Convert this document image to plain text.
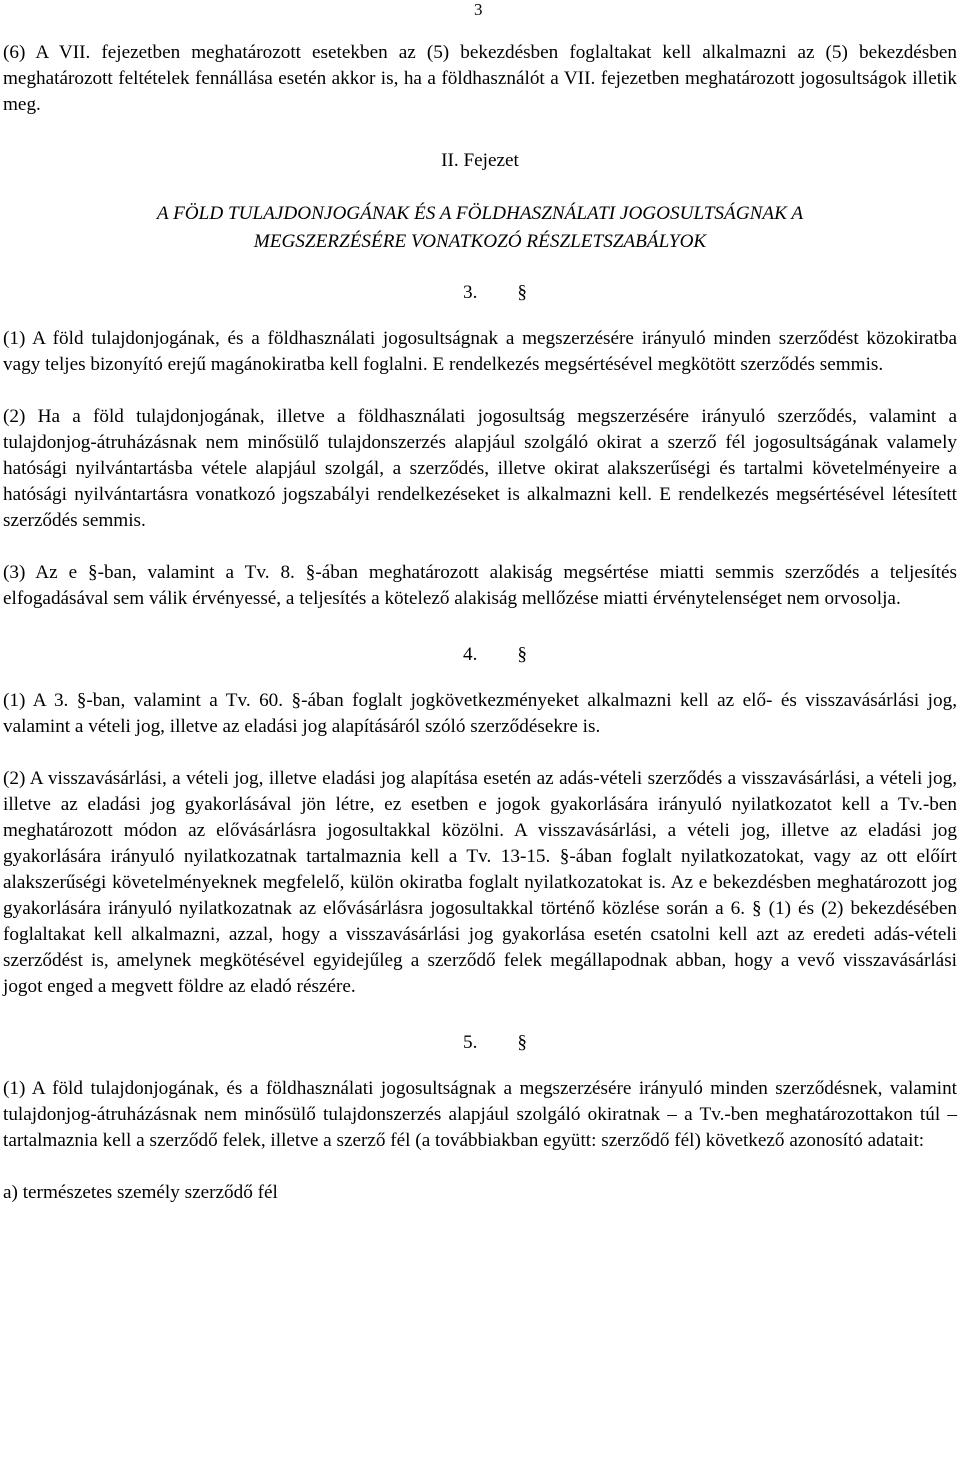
3

(6) A VII. fejezetben meghatározott esetekben az (5) bekezdésben foglaltakat kell alkalmazni az (5) bekezdésben meghatározott feltételek fennállása esetén akkor is, ha a földhasználót a VII. fejezetben meghatározott jogosultságok illetik meg.

II. Fejezet

A FÖLD TULAJDONJOGÁNAK ÉS A FÖLDHASZNÁLATI JOGOSULTSÁGNAK A

MEGSZERZÉSÉRE VONATKOZÓ RÉSZLETSZABÁLYOK

3. §

(1) A föld tulajdonjogának, és a földhasználati jogosultságnak a megszerzésére irányuló minden szerződést közokiratba vagy teljes bizonyító erejű magánokiratba kell foglalni. E rendelkezés megsértésével megkötött szerződés semmis.

(2) Ha a föld tulajdonjogának, illetve a földhasználati jogosultság megszerzésére irányuló szerződés, valamint a tulajdonjog-átruházásnak nem minősülő tulajdonszerzés alapjául szolgáló okirat a szerző fél jogosultságának valamely hatósági nyilvántartásba vétele alapjául szolgál, a szerződés, illetve okirat alakszerűségi és tartalmi követelményeire a hatósági nyilvántartásra vonatkozó jogszabályi rendelkezéseket is alkalmazni kell. E rendelkezés megsértésével létesített szerződés semmis.

(3) Az e §-ban, valamint a Tv. 8. §-ában meghatározott alakiság megsértése miatti semmis szerződés a teljesítés elfogadásával sem válik érvényessé, a teljesítés a kötelező alakiság mellőzése miatti érvénytelenséget nem orvosolja.

4. §

(1) A 3. §-ban, valamint a Tv. 60. §-ában foglalt jogkövetkezményeket alkalmazni kell az elő- és visszavásárlási jog, valamint a vételi jog, illetve az eladási jog alapításáról szóló szerződésekre is.

(2) A visszavásárlási, a vételi jog, illetve eladási jog alapítása esetén az adás-vételi szerződés a visszavásárlási, a vételi jog, illetve az eladási jog gyakorlásával jön létre, ez esetben e jogok gyakorlására irányuló nyilatkozatot kell a Tv.-ben meghatározott módon az elővásárlásra jogosultakkal közölni. A visszavásárlási, a vételi jog, illetve az eladási jog gyakorlására irányuló nyilatkozatnak tartalmaznia kell a Tv. 13-15. §-ában foglalt nyilatkozatokat, vagy az ott előírt alakszerűségi követelményeknek megfelelő, külön okiratba foglalt nyilatkozatokat is. Az e bekezdésben meghatározott jog gyakorlására irányuló nyilatkozatnak az elővásárlásra jogosultakkal történő közlése során a 6. § (1) és (2) bekezdésében foglaltakat kell alkalmazni, azzal, hogy a visszavásárlási jog gyakorlása esetén csatolni kell azt az eredeti adás-vételi szerződést is, amelynek megkötésével egyidejűleg a szerződő felek megállapodnak abban, hogy a vevő visszavásárlási jogot enged a megvett földre az eladó részére.

5. §

(1) A föld tulajdonjogának, és a földhasználati jogosultságnak a megszerzésére irányuló minden szerződésnek, valamint tulajdonjog-átruházásnak nem minősülő tulajdonszerzés alapjául szolgáló okiratnak – a Tv.-ben meghatározottakon túl – tartalmaznia kell a szerződő felek, illetve a szerző fél (a továbbiakban együtt: szerződő fél) következő azonosító adatait:

a) természetes személy szerződő fél
